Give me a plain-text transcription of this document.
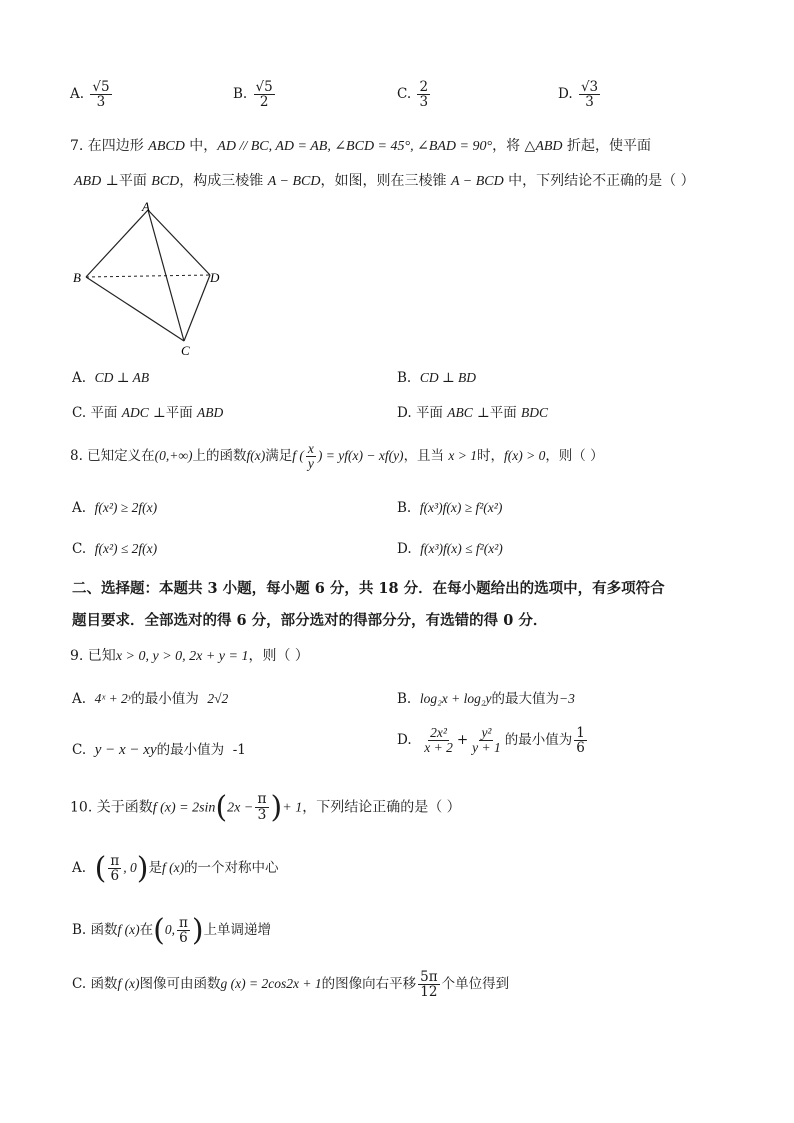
A. $\frac{√5}{3}$	B. $\frac{√5}{2}$	C. $\frac{2}{3}$	D. $\frac{√3}{3}$
7. 在四边形 ABCD 中，AD // BC, AD = AB, ∠BCD = 45°, ∠BAD = 90°，将 △ABD 折起，使平面
ABD ⊥平面 BCD，构成三棱锥 A − BCD，如图，则在三棱锥 A − BCD 中，下列结论不正确的是（ ）
A
B
C
D
A. CD ⊥ AB	B. CD ⊥ BD
C. 平面 ADC ⊥平面 ABD	D. 平面 ABC ⊥平面 BDC
8. 已知定义在(0,+∞)上的函数f(x)满足f ( $\frac{x}{y}$ ) = yf(x) − xf(y)，且当 x > 1时，f(x) > 0，则（ ）
A. f(x²) ≥ 2f(x)	B. f(x³)f(x) ≥ f²(x²)
C. f(x²) ≤ 2f(x)	D. f(x³)f(x) ≤ f²(x²)
二、选择题：本题共 3 小题，每小题 6 分，共 18 分．在每小题给出的选项中，有多项符合
题目要求．全部选对的得 6 分，部分选对的得部分分，有选错的得 0 分．
9. 已知x > 0, y > 0, 2x + y = 1，则（ ）
A. 4ˣ + 2ʸ的最小值为 2√2	B. log₂x + log₂y的最大值为−3
C. y − x − xy的最小值为 -1
D. $\frac{\text{2x²}}{x + 2} + \frac{\text{y²}}{y + 1}$ 的最小值为 $\frac{1}{6}$
10. 关于函数f $(x) = 2\sin(2x - \frac{\pi}{3}$ )+ 1，下列结论正确的是（ ）
A. ( $\frac{\pi}{6}$ , 0)是f (x)的一个对称中心
B. 函数f (x)在(0, $\frac{\pi}{6}$ )上单调递增
C. 函数f (x)图像可由函数g (x) = 2cos2x + 1的图像向右平移 $\frac{5\pi}{12}$ 个单位得到
